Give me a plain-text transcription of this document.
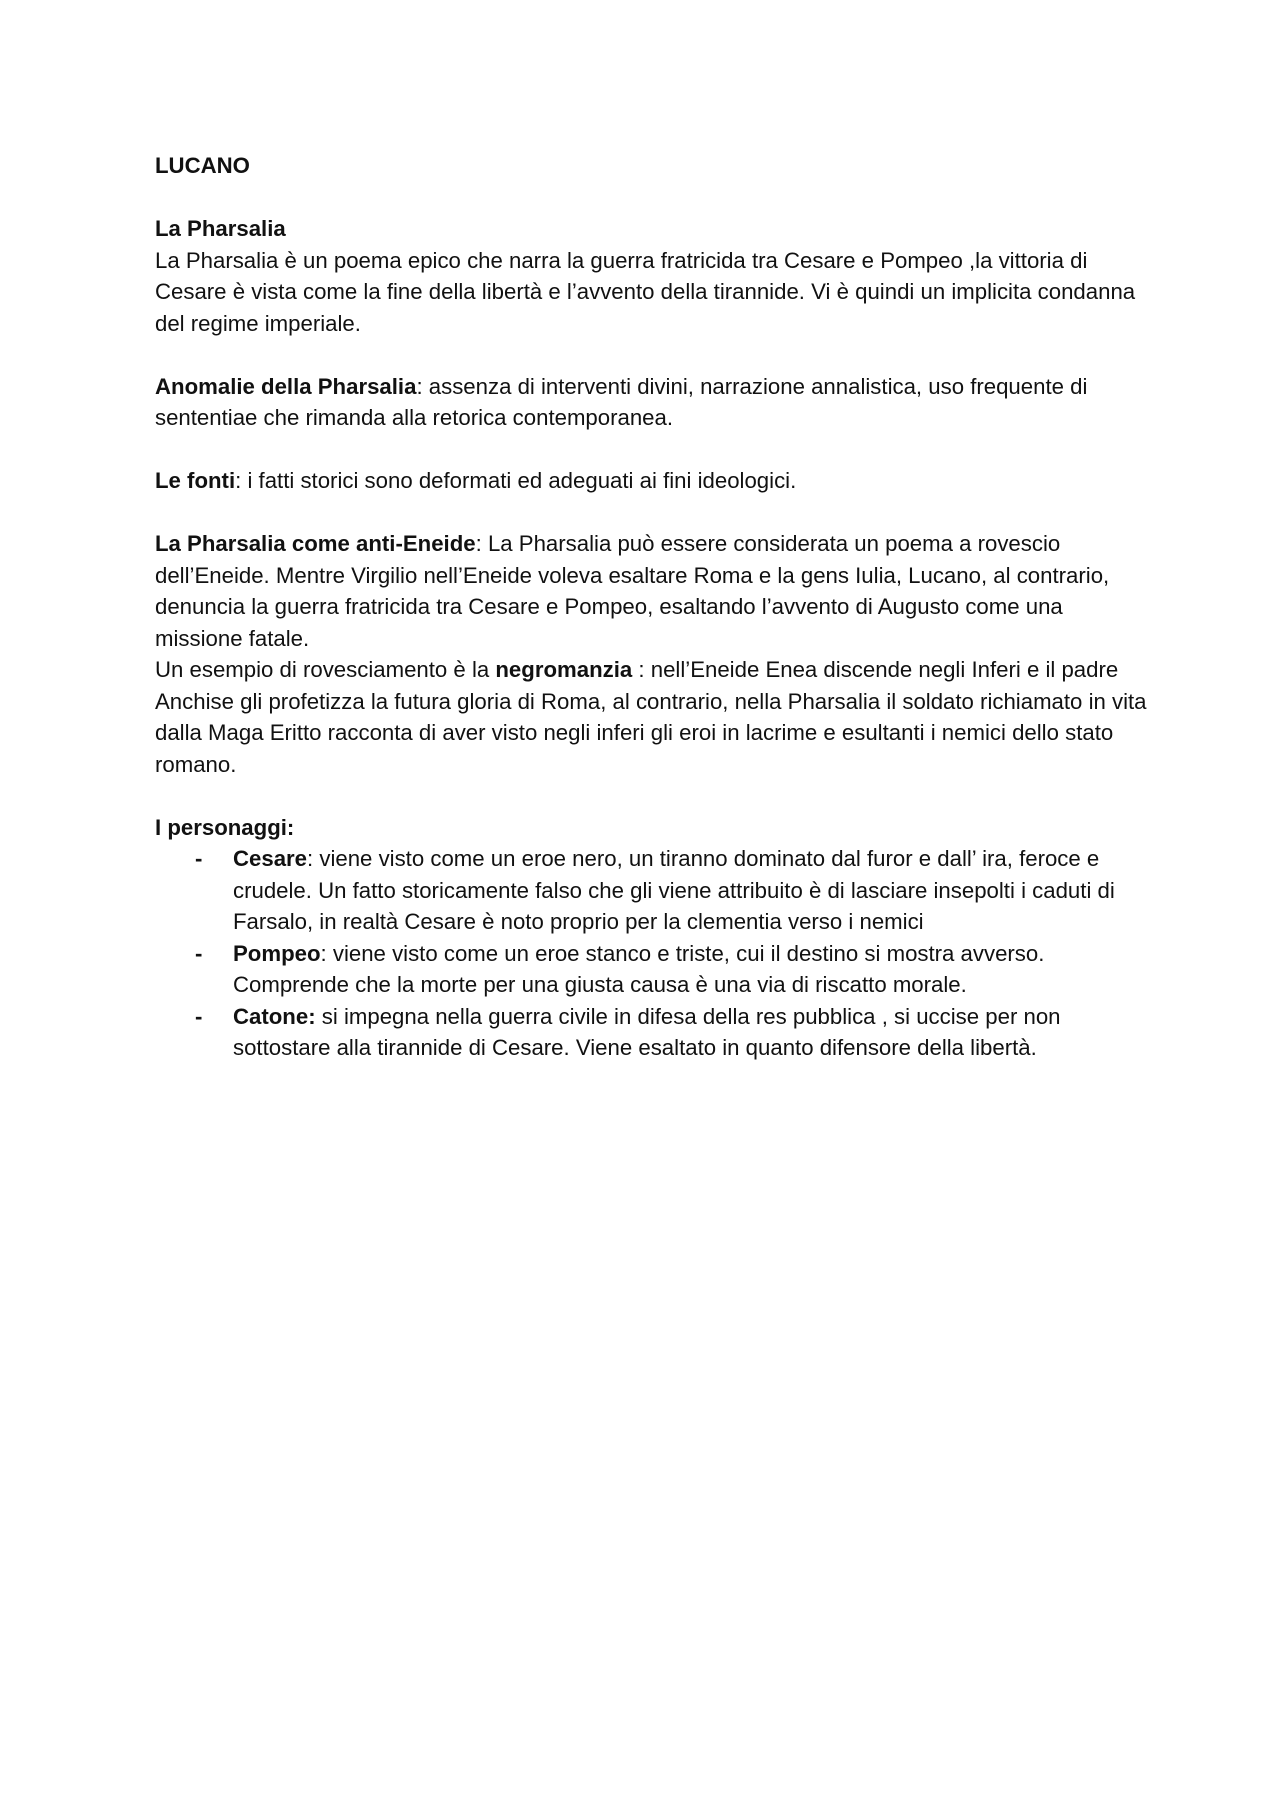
LUCANO

La Pharsalia

La Pharsalia è un poema epico che narra la guerra fratricida tra Cesare e Pompeo ,la vittoria di Cesare è vista come la fine della libertà e l’avvento della tirannide. Vi è quindi un implicita condanna del regime imperiale.

Anomalie della Pharsalia: assenza di interventi divini, narrazione annalistica, uso frequente di sententiae che rimanda alla retorica contemporanea.

Le fonti: i fatti storici sono deformati ed adeguati ai fini ideologici.

La Pharsalia come anti-Eneide: La Pharsalia può essere considerata un poema a rovescio dell’Eneide. Mentre Virgilio nell’Eneide voleva esaltare Roma e la gens Iulia, Lucano, al contrario, denuncia la guerra fratricida tra Cesare e Pompeo, esaltando l’avvento di Augusto come una missione fatale.

Un esempio di rovesciamento è la negromanzia : nell’Eneide Enea discende negli Inferi e il padre Anchise gli profetizza la futura gloria di Roma, al contrario, nella Pharsalia il soldato richiamato in vita dalla Maga Eritto racconta di aver visto negli inferi gli eroi in lacrime e esultanti i nemici dello stato romano.

I personaggi:

- Cesare: viene visto come un eroe nero, un tiranno dominato dal furor e dall’ ira, feroce e crudele. Un fatto storicamente falso che gli viene attribuito è di lasciare insepolti i caduti di Farsalo, in realtà Cesare è noto proprio per la clementia verso i nemici
- Pompeo: viene visto come un eroe stanco e triste, cui il destino si mostra avverso. Comprende che la morte per una giusta causa è una via di riscatto morale.
- Catone: si impegna nella guerra civile in difesa della res pubblica , si uccise per non sottostare alla tirannide di Cesare. Viene esaltato in quanto difensore della libertà.
